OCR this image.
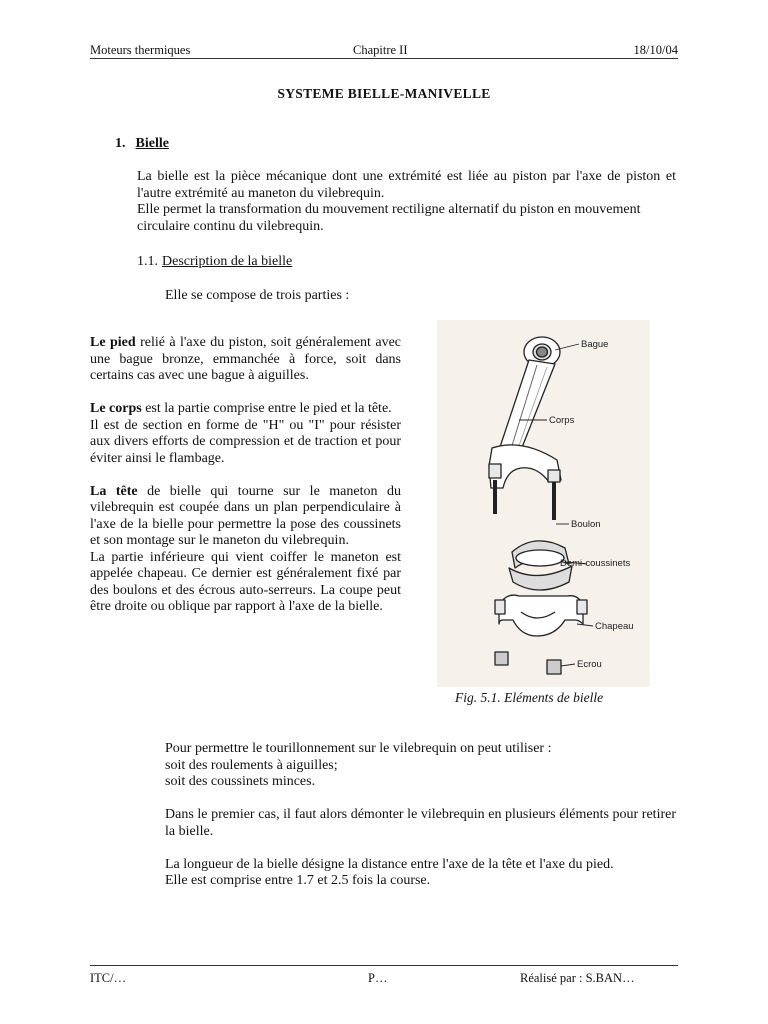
Moteurs thermiques	Chapitre II	18/10/04
SYSTEME BIELLE-MANIVELLE
1. Bielle

La bielle est la pièce mécanique dont une extrémité est liée au piston par l'axe de piston et l'autre extrémité au maneton du vilebrequin.

Elle permet la transformation du mouvement rectiligne alternatif du piston en mouvement circulaire continu du vilebrequin.

1.1. Description de la bielle
Elle se compose de trois parties :

Le pied relié à l'axe du piston, soit généralement avec une bague bronze, emmanchée à force, soit dans certains cas avec une bague à aiguilles.

Le corps est la partie comprise entre le pied et la tête.

Il est de section en forme de "H" ou "I" pour résister aux divers efforts de compression et de traction et pour éviter ainsi le flambage.

La tête de bielle qui tourne sur le maneton du vilebrequin est coupée dans un plan perpendiculaire à l'axe de la bielle pour permettre la pose des coussinets et son montage sur le maneton du vilebrequin.

La partie inférieure qui vient coiffer le maneton est appelée chapeau. Ce dernier est généralement fixé par des boulons et des écrous auto-serreurs. La coupe peut être droite ou oblique par rapport à l'axe de la bielle.

Bague
Corps
Boulon
Demi-coussinets
Chapeau
Ecrou
Fig. 5.1. Eléments de bielle

Pour permettre le tourillonnement sur le vilebrequin on peut utiliser :

soit des roulements à aiguilles;

soit des coussinets minces.

Dans le premier cas, il faut alors démonter le vilebrequin en plusieurs éléments pour retirer la bielle.

La longueur de la bielle désigne la distance entre l'axe de la tête et l'axe du pied.

Elle est comprise entre 1.7 et 2.5 fois la course.

ITC/…	P…	Réalisé par : S.BAN…
